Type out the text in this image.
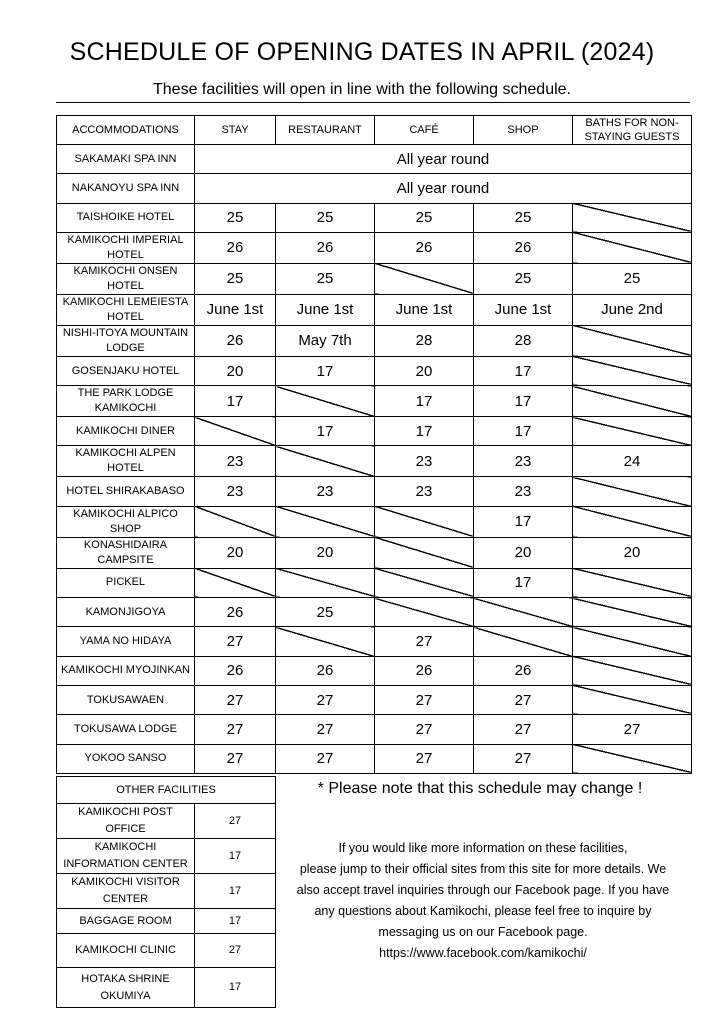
SCHEDULE OF OPENING DATES IN APRIL (2024)
These facilities will open in line with the following schedule.
ACCOMMODATIONS	STAY	RESTAURANT	CAFÉ	SHOP	BATHS FOR NON-STAYING GUESTS
SAKAMAKI SPA INN	All year round				
NAKANOYU SPA INN	All year round				
TAISHOIKE HOTEL	25	25	25	25	
KAMIKOCHI IMPERIAL HOTEL	26	26	26	26	
KAMIKOCHI ONSEN HOTEL	25	25		25	25
KAMIKOCHI LEMEIESTA HOTEL	June 1st	June 1st	June 1st	June 1st	June 2nd
NISHI-ITOYA MOUNTAIN LODGE	26	May 7th	28	28	
GOSENJAKU HOTEL	20	17	20	17	
THE PARK LODGE KAMIKOCHI	17		17	17	
KAMIKOCHI DINER		17	17	17	
KAMIKOCHI ALPEN HOTEL	23		23	23	24
HOTEL SHIRAKABASO	23	23	23	23	
KAMIKOCHI ALPICO SHOP				17	
KONASHIDAIRA CAMPSITE	20	20		20	20
PICKEL				17	
KAMONJIGOYA	26	25			
YAMA NO HIDAYA	27		27		
KAMIKOCHI MYOJINKAN	26	26	26	26	
TOKUSAWAEN	27	27	27	27	
TOKUSAWA LODGE	27	27	27	27	27
YOKOO SANSO	27	27	27	27	
OTHER FACILITIES	
KAMIKOCHI POST OFFICE	27
KAMIKOCHI INFORMATION CENTER	17
KAMIKOCHI VISITOR CENTER	17
BAGGAGE ROOM	17
KAMIKOCHI CLINIC	27
HOTAKA SHRINE OKUMIYA	17
* Please note that this schedule may change !

If you would like more information on these facilities,

please jump to their official sites from this site for more details. We

also accept travel inquiries through our Facebook page. If you have

any questions about Kamikochi, please feel free to inquire by

messaging us on our Facebook page.

https://www.facebook.com/kamikochi/
